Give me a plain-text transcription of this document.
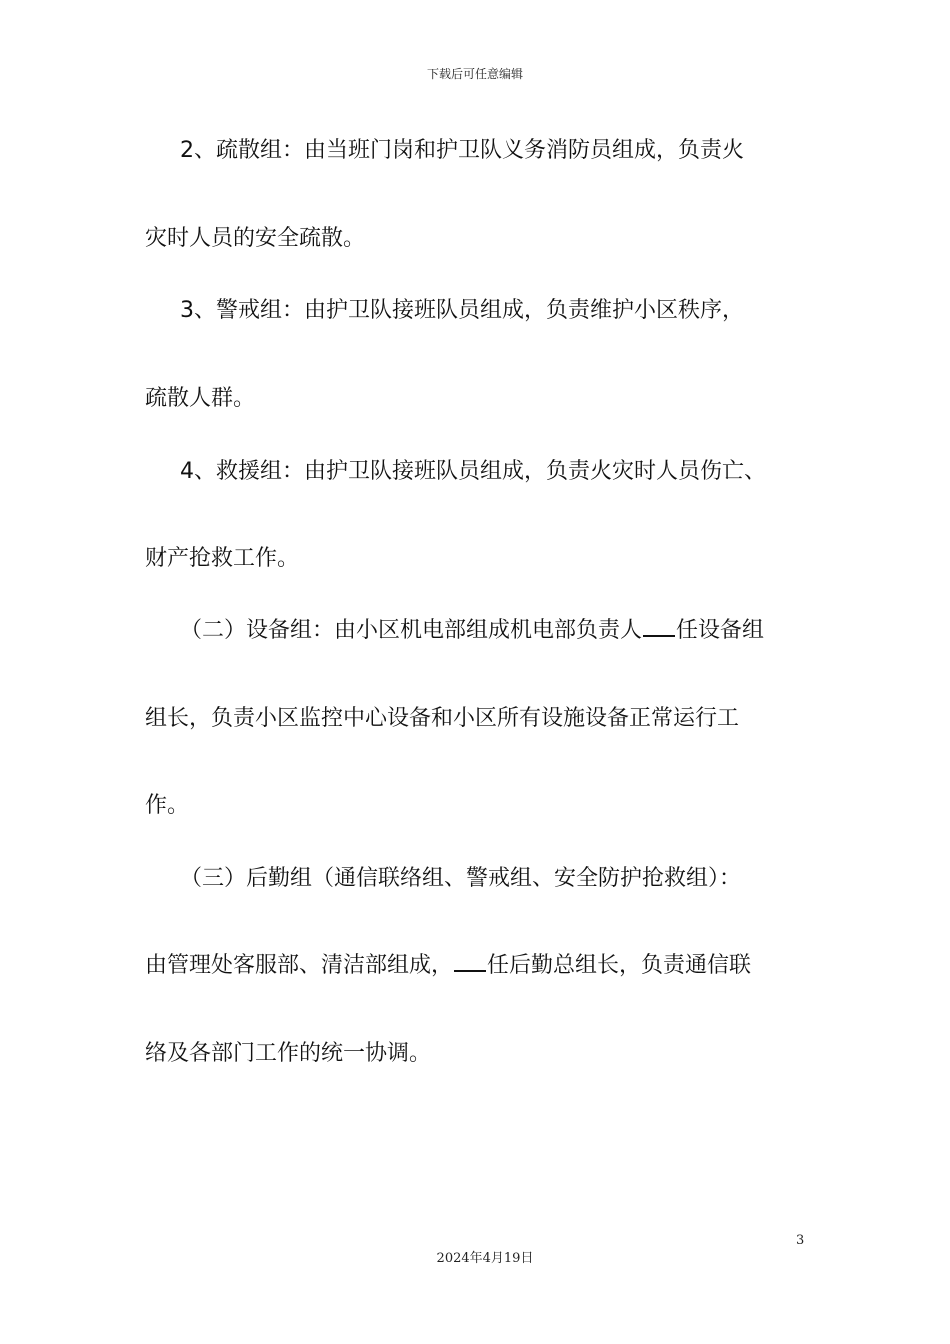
下载后可任意编辑
2、疏散组：由当班门岗和护卫队义务消防员组成，负责火
灾时人员的安全疏散。
3、警戒组：由护卫队接班队员组成，负责维护小区秩序，
疏散人群。
4、救援组：由护卫队接班队员组成，负责火灾时人员伤亡、
财产抢救工作。
（二）设备组：由小区机电部组成机电部负责人 任设备组
组长，负责小区监控中心设备和小区所有设施设备正常运行工
作。
（三）后勤组（通信联络组、警戒组、安全防护抢救组）：
由管理处客服部、清洁部组成， 任后勤总组长，负责通信联
络及各部门工作的统一协调。
3
2024年4月19日
